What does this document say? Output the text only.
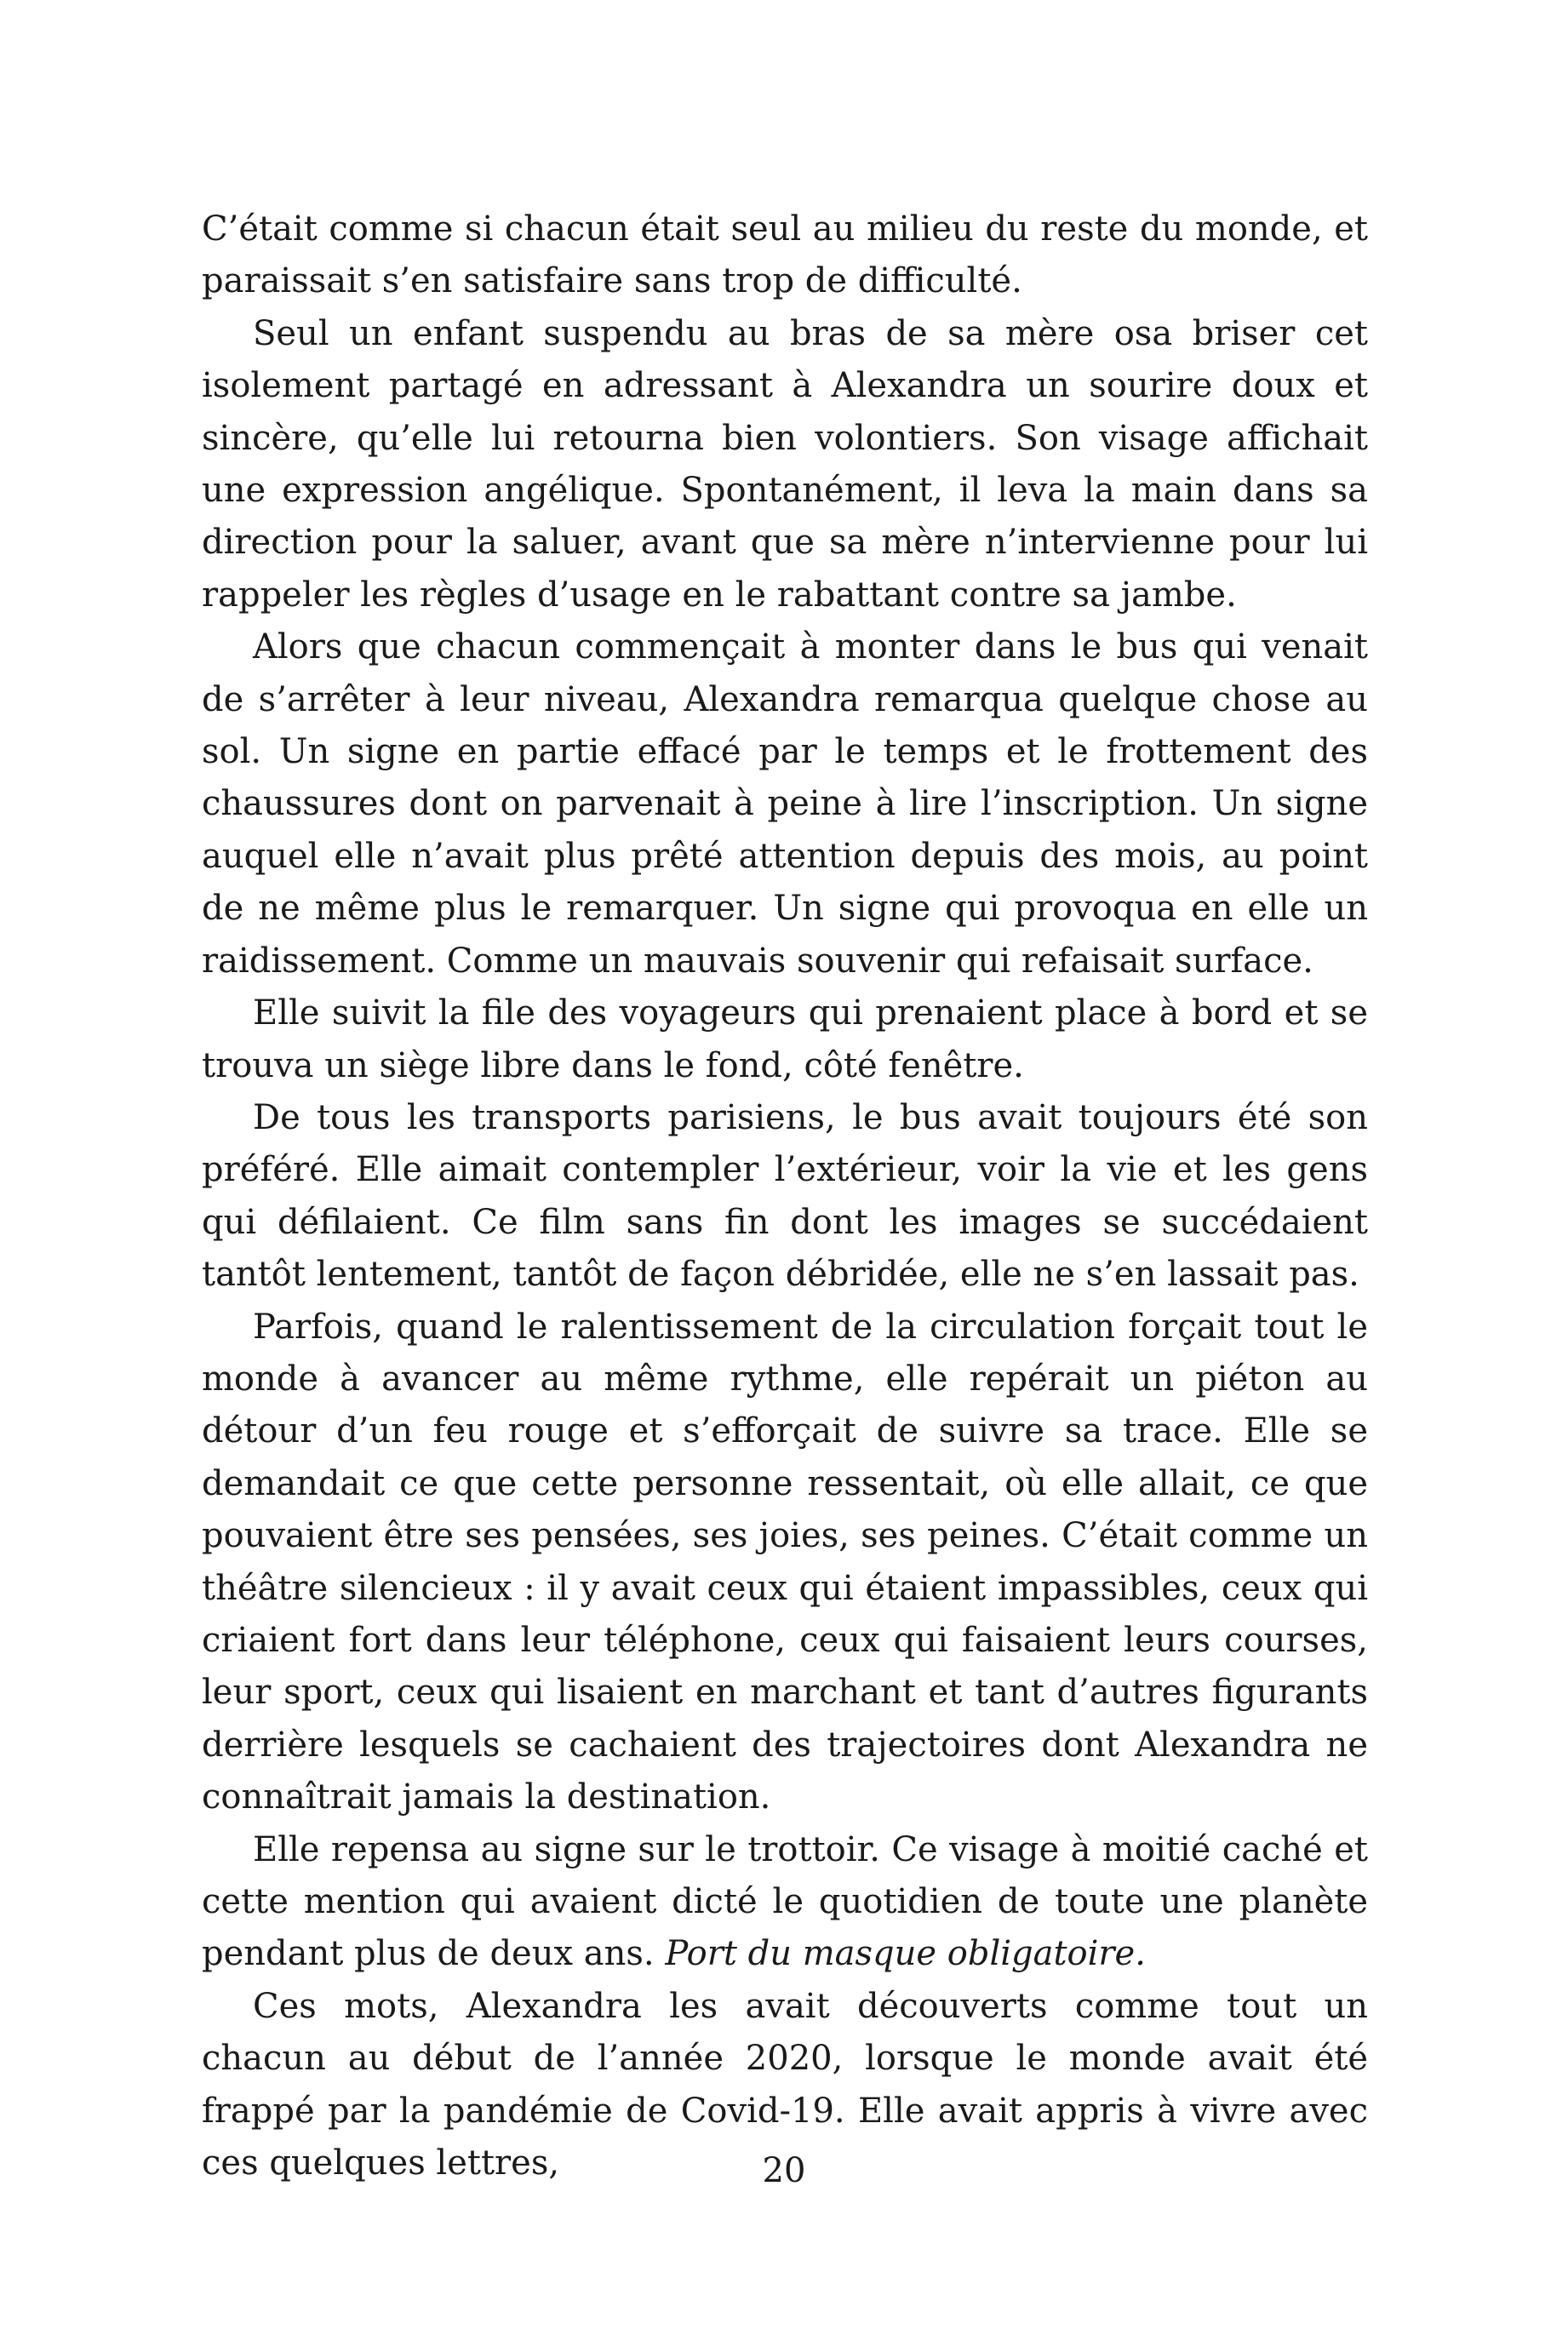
C’était comme si chacun était seul au milieu du reste du monde, et paraissait s’en satisfaire sans trop de difficulté.

Seul un enfant suspendu au bras de sa mère osa briser cet isolement partagé en adressant à Alexandra un sourire doux et sincère, qu’elle lui retourna bien volontiers. Son visage affichait une expression angélique. Spontanément, il leva la main dans sa direction pour la saluer, avant que sa mère n’intervienne pour lui rappeler les règles d’usage en le rabattant contre sa jambe.

Alors que chacun commençait à monter dans le bus qui venait de s’arrêter à leur niveau, Alexandra remarqua quelque chose au sol. Un signe en partie effacé par le temps et le frottement des chaussures dont on parvenait à peine à lire l’inscription. Un signe auquel elle n’avait plus prêté attention depuis des mois, au point de ne même plus le remarquer. Un signe qui provoqua en elle un raidissement. Comme un mauvais souvenir qui refaisait surface.

Elle suivit la file des voyageurs qui prenaient place à bord et se trouva un siège libre dans le fond, côté fenêtre.

De tous les transports parisiens, le bus avait toujours été son préféré. Elle aimait contempler l’extérieur, voir la vie et les gens qui défilaient. Ce film sans fin dont les images se succédaient tantôt lentement, tantôt de façon débridée, elle ne s’en lassait pas.

Parfois, quand le ralentissement de la circulation forçait tout le monde à avancer au même rythme, elle repérait un piéton au détour d’un feu rouge et s’efforçait de suivre sa trace. Elle se demandait ce que cette personne ressentait, où elle allait, ce que pouvaient être ses pensées, ses joies, ses peines. C’était comme un théâtre silencieux : il y avait ceux qui étaient impassibles, ceux qui criaient fort dans leur téléphone, ceux qui faisaient leurs courses, leur sport, ceux qui lisaient en marchant et tant d’autres figurants derrière lesquels se cachaient des trajectoires dont Alexandra ne connaîtrait jamais la destination.

Elle repensa au signe sur le trottoir. Ce visage à moitié caché et cette mention qui avaient dicté le quotidien de toute une planète pendant plus de deux ans. Port du masque obligatoire.

Ces mots, Alexandra les avait découverts comme tout un chacun au début de l’année 2020, lorsque le monde avait été frappé par la pandémie de Covid-19. Elle avait appris à vivre avec ces quelques lettres,	20
